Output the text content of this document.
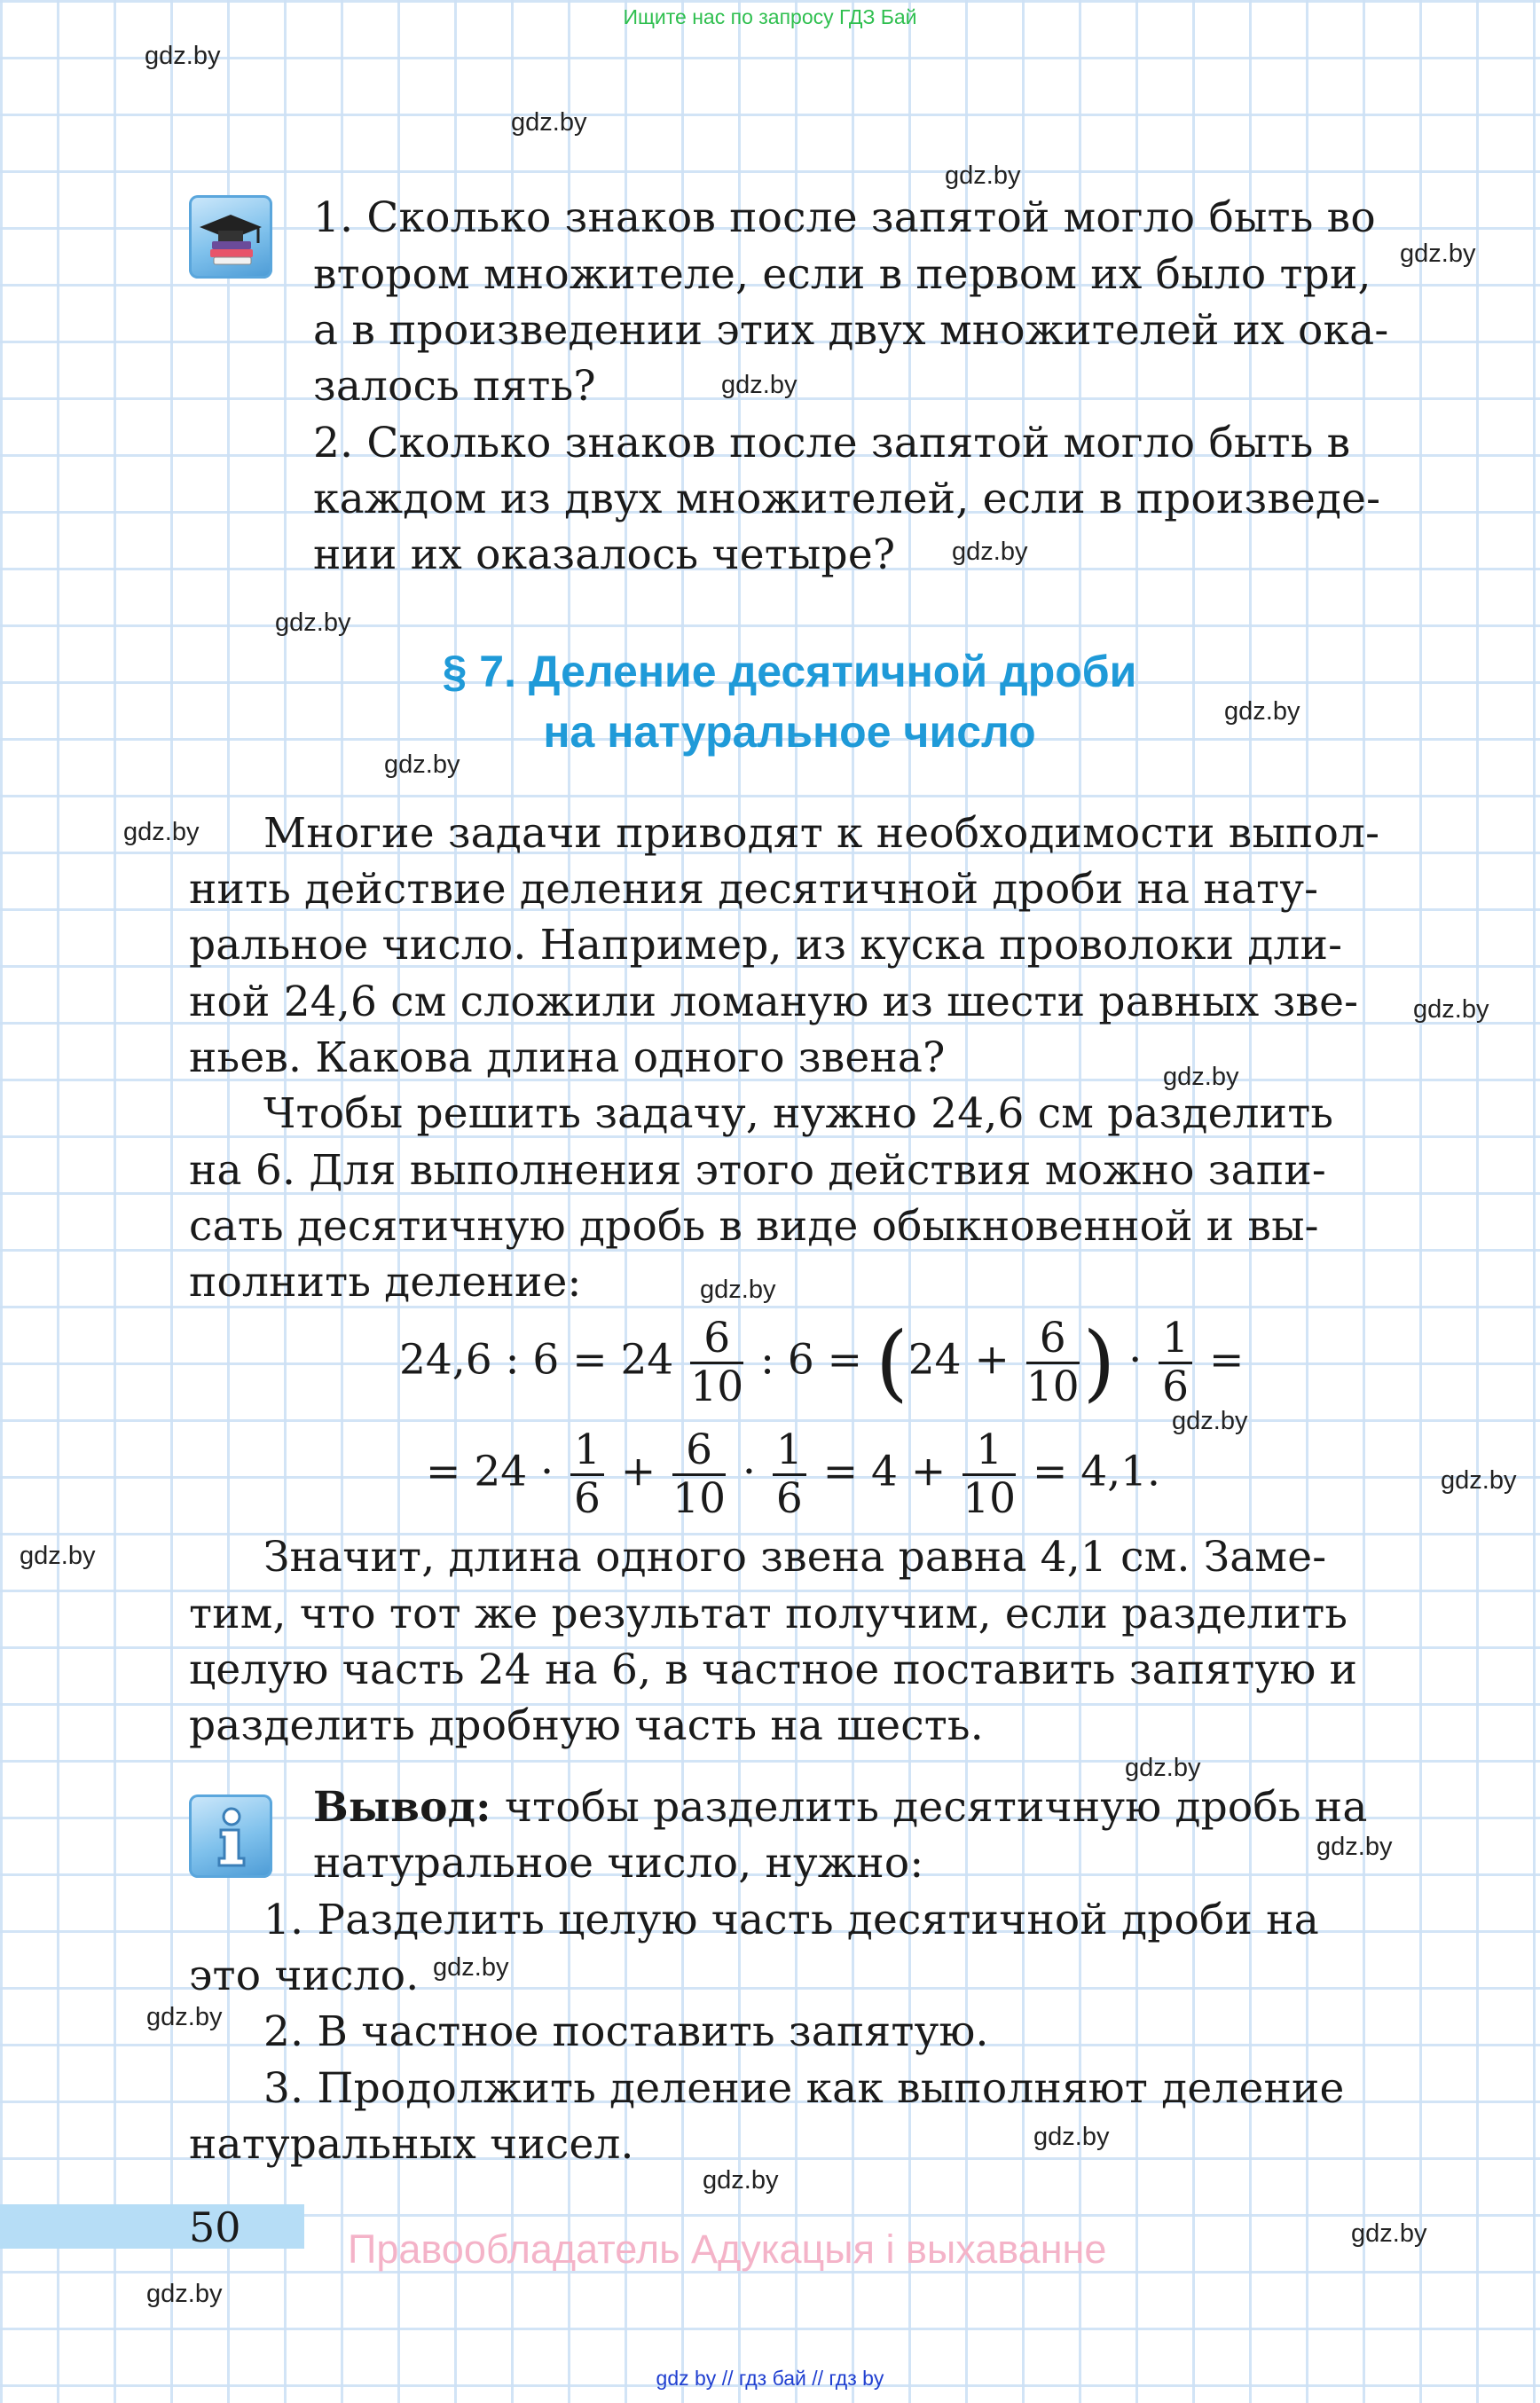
Ищите нас по запросу ГДЗ Бай
gdz.by
gdz.by
gdz.by
gdz.by
gdz.by
gdz.by
gdz.by
gdz.by
gdz.by
gdz.by
gdz.by
gdz.by
gdz.by
gdz.by
gdz.by
gdz.by
gdz.by
gdz.by
gdz.by
gdz.by
gdz.by
gdz.by
gdz.by
gdz.by
1. Сколько знаков после запятой могло быть во
втором множителе, если в первом их было три,
а в произведении этих двух множителей их ока-
залось пять?
2. Сколько знаков после запятой могло быть в
каждом из двух множителей, если в произведе-
нии их оказалось четыре?
§ 7. Деление десятичной дроби
на натуральное число
Многие задачи приводят к необходимости выпол-
нить действие деления десятичной дроби на нату-
ральное число. Например, из куска проволоки дли-
ной 24,6 см сложили ломаную из шести равных зве-
ньев. Какова длина одного звена?
Чтобы решить задачу, нужно 24,6 см разделить
на 6. Для выполнения этого действия можно запи-
сать десятичную дробь в виде обыкновенной и вы-
полнить деление:
24,6 : $6 = 24 \frac{6}{10}$ : $6 = (24 + \frac{6}{10}$ ) · $\frac{1}{6}$ =
= $24 \cdot \frac{1}{6} + \frac{6}{10} \cdot \frac{1}{6} = 4 + \frac{1}{10} = 4,1$.
Значит, длина одного звена равна 4,1 см. Заме-
тим, что тот же результат получим, если разделить
целую часть 24 на 6, в частное поставить запятую и
разделить дробную часть на шесть.
Вывод: чтобы разделить десятичную дробь на
натуральное число, нужно:
1. Разделить целую часть десятичной дроби на
это число.
2. В частное поставить запятую.
3. Продолжить деление как выполняют деление
натуральных чисел.
50	Правообладатель Адукацыя і выхаванне
gdz by // гдз бай // гдз by
